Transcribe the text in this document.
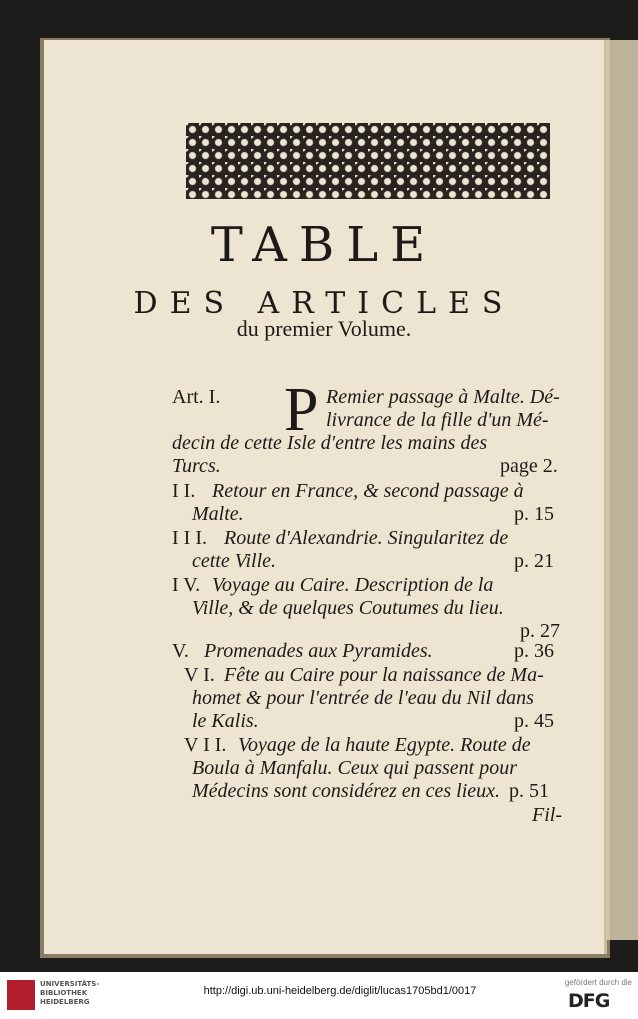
TABLE
DES ARTICLES
du premier Volume.
P
Art. I.	Remier passage à Malte. Dé-
livrance de la fille d'un Mé-
decin de cette Isle d'entre les mains des
Turcs.	page 2.
I I. Retour en France, & second passage à
Malte.	p. 15
I I I. Route d'Alexandrie. Singularitez de
cette Ville.	p. 21
I V. Voyage au Caire. Description de la
Ville, & de quelques Coutumes du lieu.
p. 27
V. Promenades aux Pyramides.	p. 36
V I. Fête au Caire pour la naissance de Ma-
homet & pour l'entrée de l'eau du Nil dans
le Kalis.	p. 45
V I I. Voyage de la haute Egypte. Route de
Boula à Manfalu. Ceux qui passent pour
Médecins sont considérez en ces lieux. p. 51
Fil-
UNIVERSITÄTS-BIBLIOTHEK HEIDELBERG
http://digi.ub.uni-heidelberg.de/diglit/lucas1705bd1/0017
gefördert durch die
DFG
